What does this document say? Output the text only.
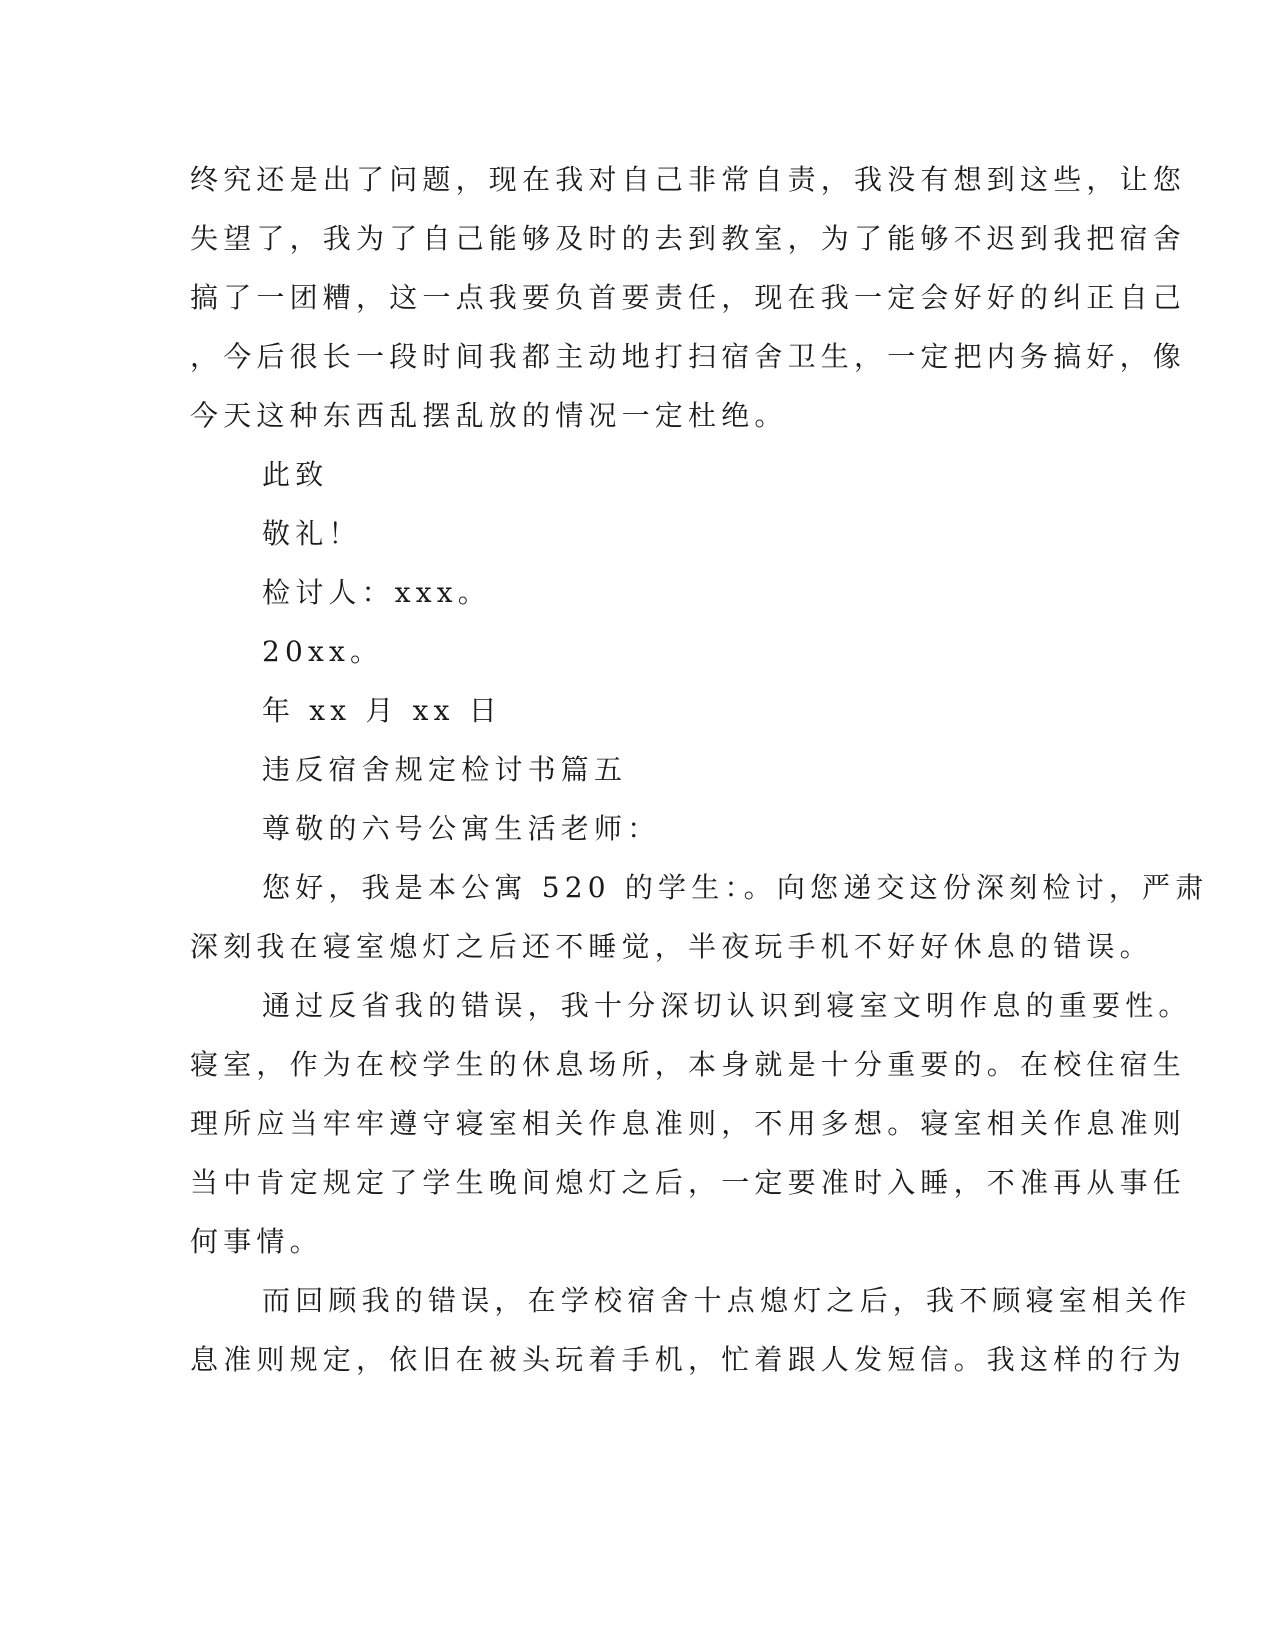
终究还是出了问题，现在我对自己非常自责，我没有想到这些，让您
失望了，我为了自己能够及时的去到教室，为了能够不迟到我把宿舍
搞了一团糟，这一点我要负首要责任，现在我一定会好好的纠正自己
，今后很长一段时间我都主动地打扫宿舍卫生，一定把内务搞好，像
今天这种东西乱摆乱放的情况一定杜绝。
此致
敬礼！
检讨人：xxx。
20xx。
年 xx 月 xx 日
违反宿舍规定检讨书篇五
尊敬的六号公寓生活老师：
您好，我是本公寓 520 的学生：。向您递交这份深刻检讨，严肃
深刻我在寝室熄灯之后还不睡觉，半夜玩手机不好好休息的错误。
通过反省我的错误，我十分深切认识到寝室文明作息的重要性。
寝室，作为在校学生的休息场所，本身就是十分重要的。在校住宿生
理所应当牢牢遵守寝室相关作息准则，不用多想。寝室相关作息准则
当中肯定规定了学生晚间熄灯之后，一定要准时入睡，不准再从事任
何事情。
而回顾我的错误，在学校宿舍十点熄灯之后，我不顾寝室相关作
息准则规定，依旧在被头玩着手机，忙着跟人发短信。我这样的行为
